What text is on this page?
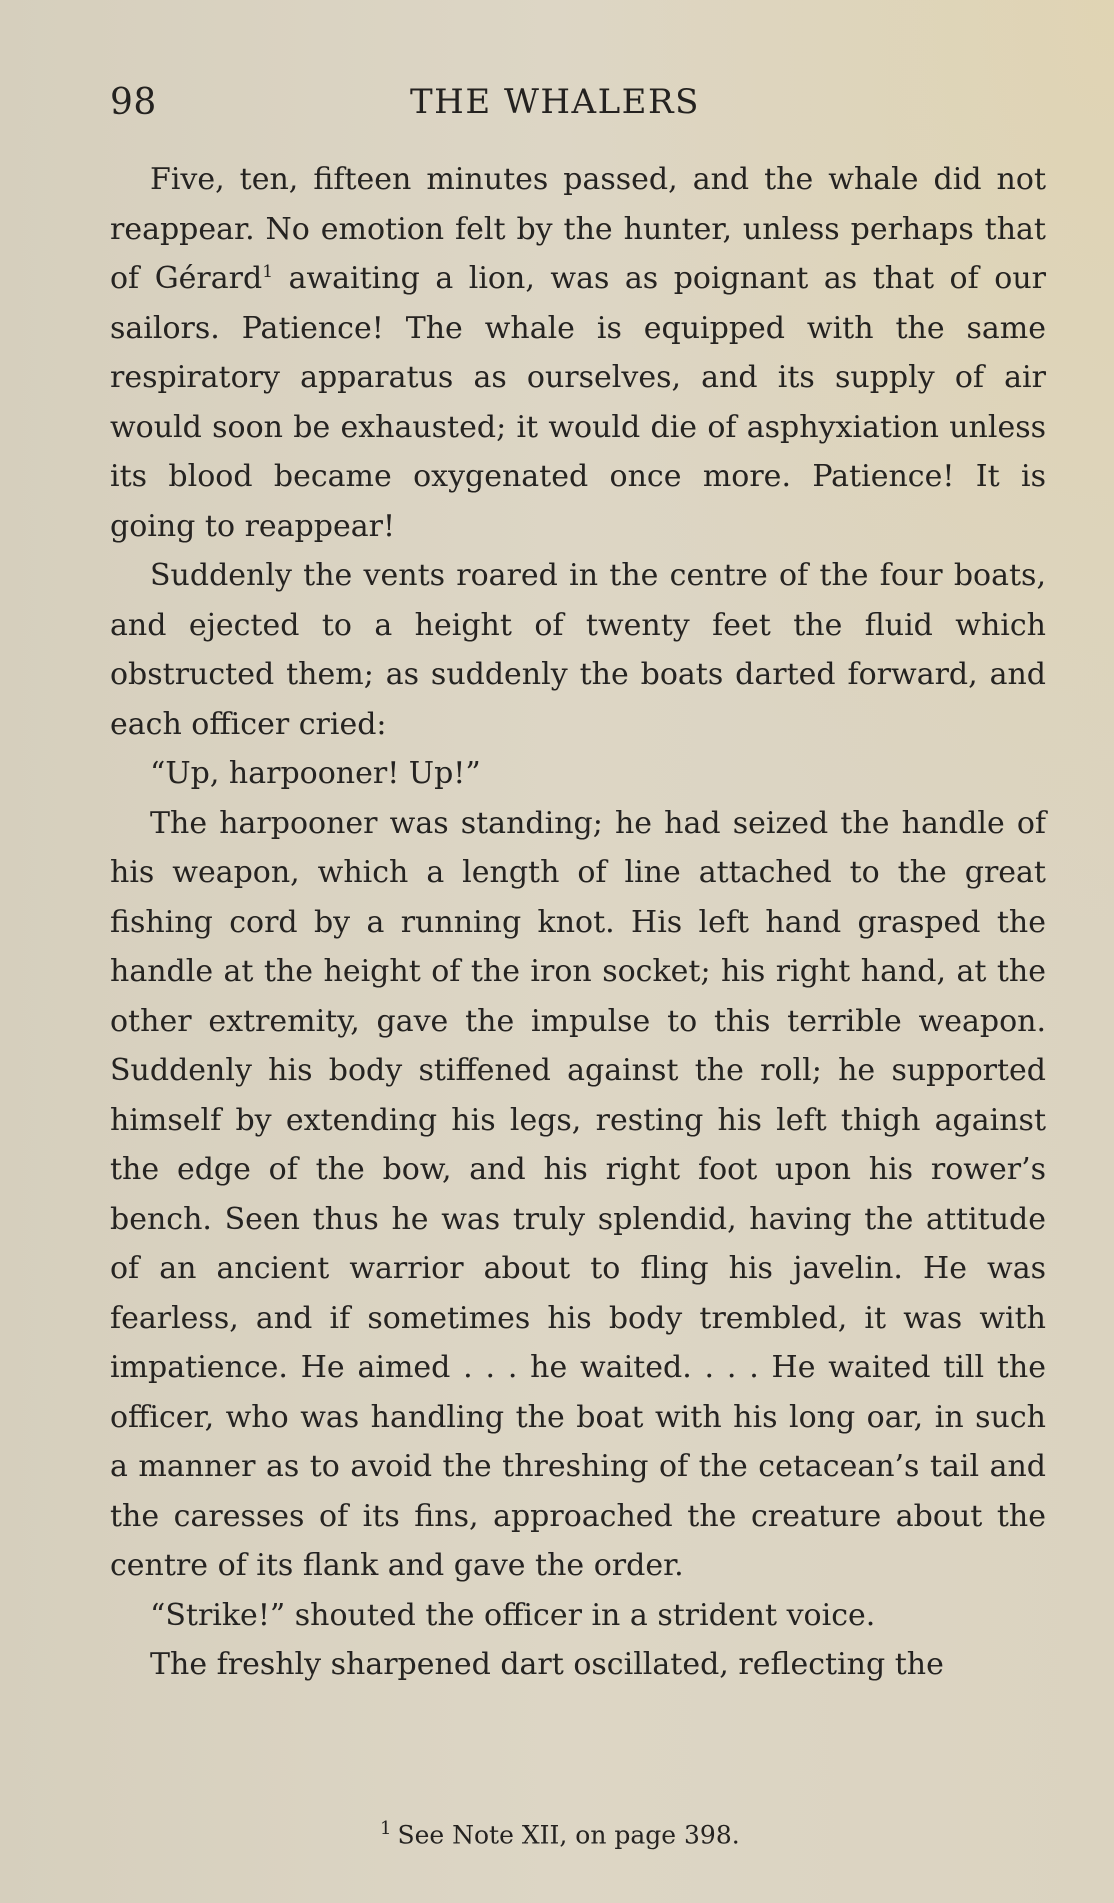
98	THE WHALERS

Five, ten, fifteen minutes passed, and the whale did not reappear. No emotion felt by the hunter, unless perhaps that of Gérard$^1$ awaiting a lion, was as poignant as that of our sailors. Patience! The whale is equipped with the same respiratory apparatus as ourselves, and its supply of air would soon be exhausted; it would die of asphyxiation unless its blood became oxygenated once more. Patience! It is going to reappear!

Suddenly the vents roared in the centre of the four boats, and ejected to a height of twenty feet the fluid which obstructed them; as suddenly the boats darted forward, and each officer cried:

“Up, harpooner! Up!”

The harpooner was standing; he had seized the handle of his weapon, which a length of line attached to the great fishing cord by a running knot. His left hand grasped the handle at the height of the iron socket; his right hand, at the other extremity, gave the impulse to this terrible weapon. Suddenly his body stiffened against the roll; he supported himself by extending his legs, resting his left thigh against the edge of the bow, and his right foot upon his rower’s bench. Seen thus he was truly splendid, having the attitude of an ancient warrior about to fling his javelin. He was fearless, and if sometimes his body trembled, it was with impatience. He aimed . . . he waited. . . . He waited till the officer, who was handling the boat with his long oar, in such a manner as to avoid the threshing of the cetacean’s tail and the caresses of its fins, approached the creature about the centre of its flank and gave the order.

“Strike!” shouted the officer in a strident voice.

The freshly sharpened dart oscillated, reflecting the

$^1$ See Note XII, on page 398.
